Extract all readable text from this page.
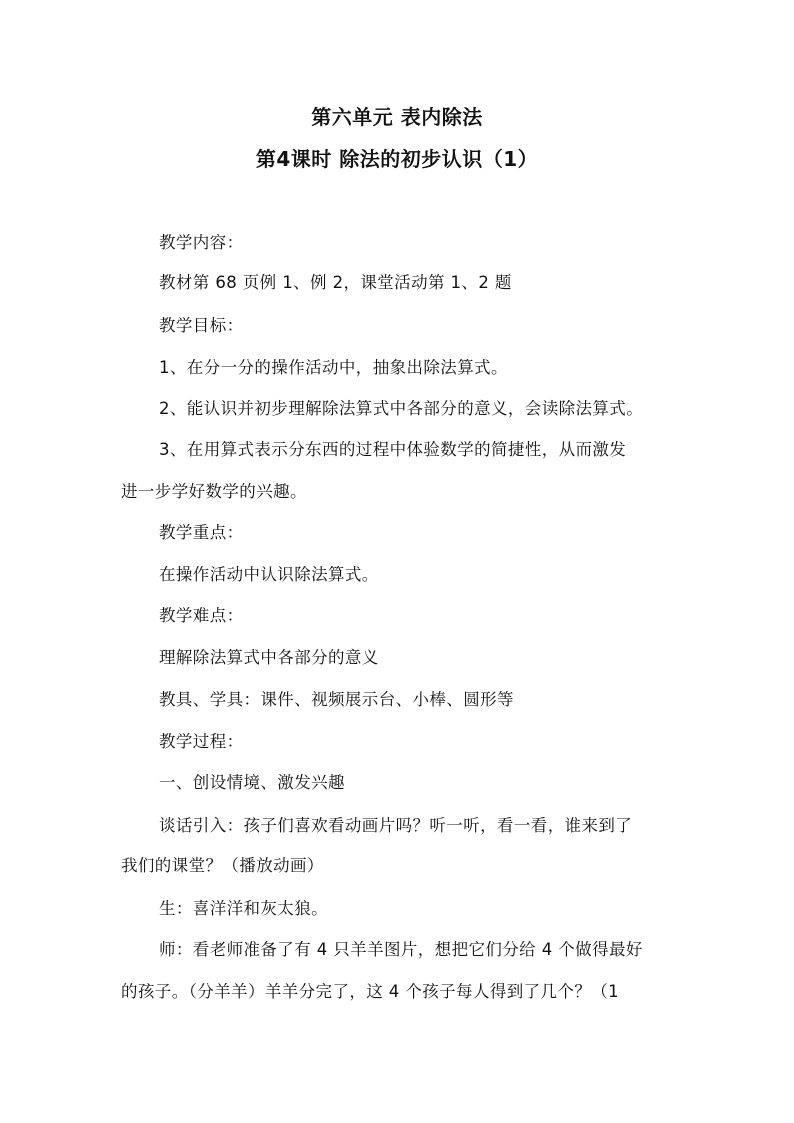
第六单元 表内除法
第4课时 除法的初步认识（1）
教学内容：
教材第 68 页例 1、例 2，课堂活动第 1、2 题
教学目标：
1、在分一分的操作活动中，抽象出除法算式。
2、能认识并初步理解除法算式中各部分的意义，会读除法算式。
3、在用算式表示分东西的过程中体验数学的简捷性，从而激发
进一步学好数学的兴趣。
教学重点：
在操作活动中认识除法算式。
教学难点：
理解除法算式中各部分的意义
教具、学具：课件、视频展示台、小棒、圆形等
教学过程：
一、创设情境、激发兴趣
谈话引入：孩子们喜欢看动画片吗？听一听，看一看，谁来到了
我们的课堂？（播放动画）
生：喜洋洋和灰太狼。
师：看老师准备了有 4 只羊羊图片，想把它们分给 4 个做得最好
的孩子。（分羊羊）羊羊分完了，这 4 个孩子每人得到了几个？（1
